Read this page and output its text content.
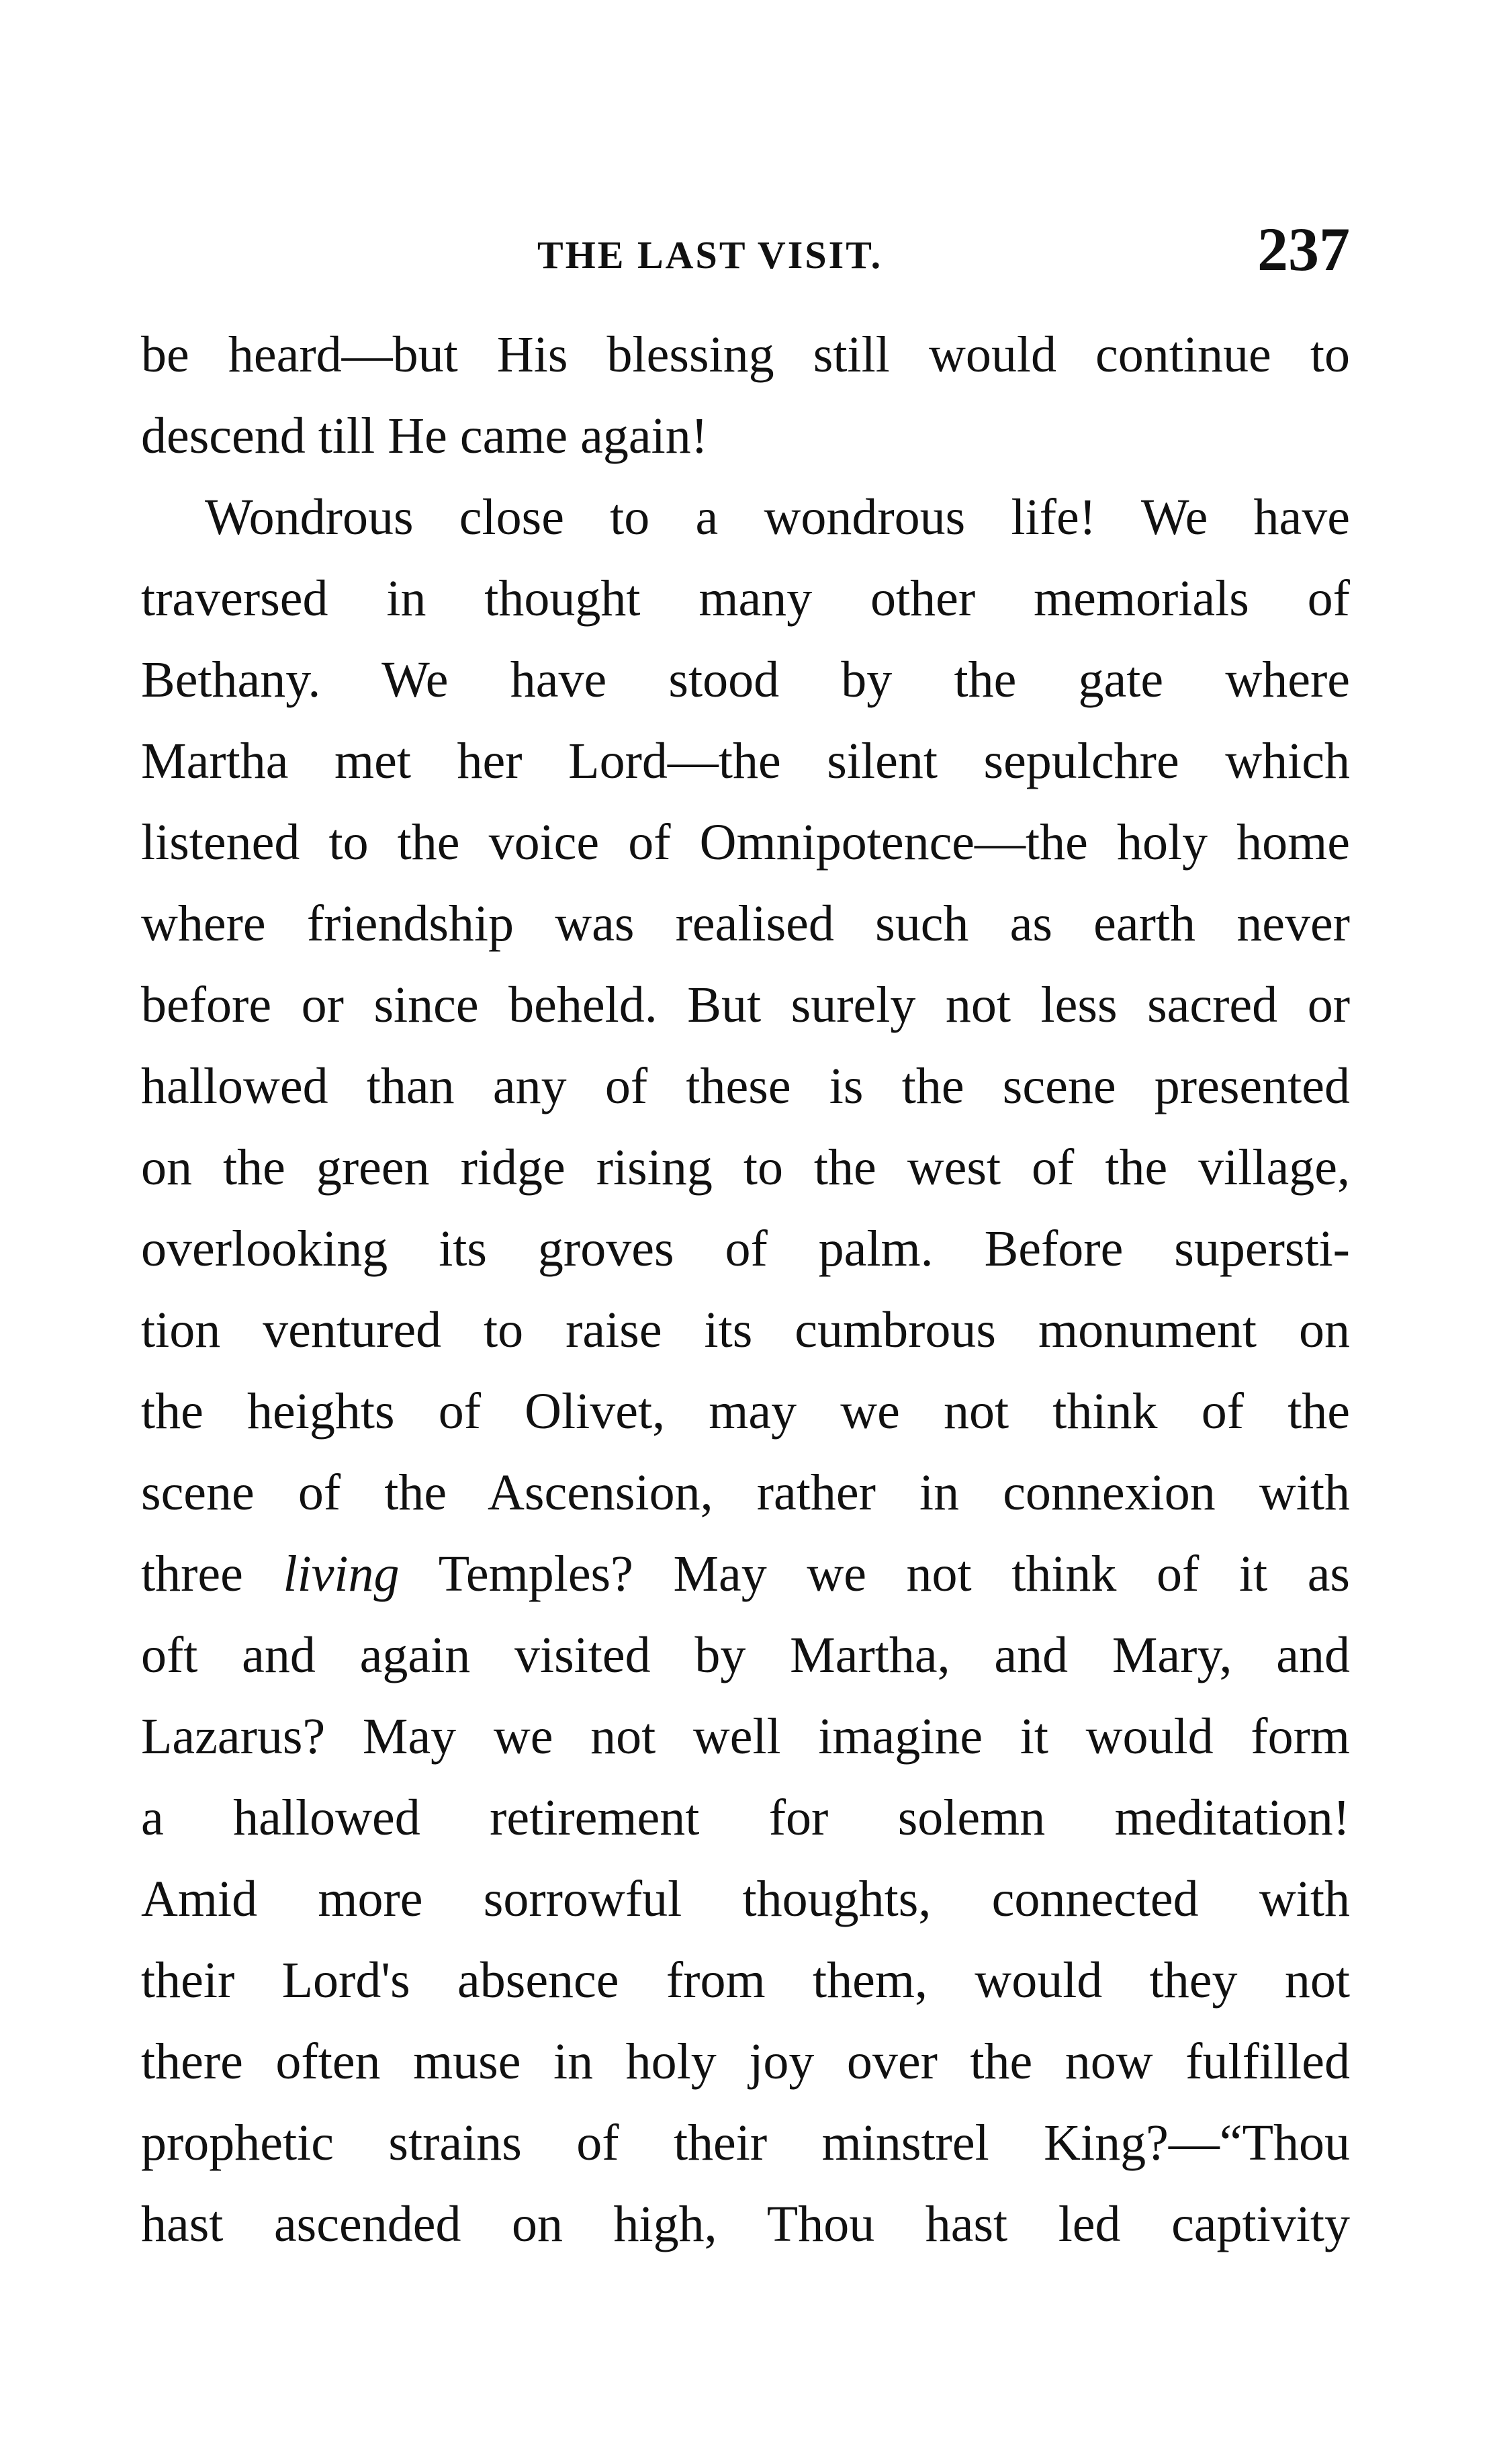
THE LAST VISIT.	237
be heard—but His blessing still would continue to
descend till He came again!
Wondrous close to a wondrous life! We have
traversed in thought many other memorials of
Bethany. We have stood by the gate where
Martha met her Lord—the silent sepulchre which
listened to the voice of Omnipotence—the holy home
where friendship was realised such as earth never
before or since beheld. But surely not less sacred or
hallowed than any of these is the scene presented
on the green ridge rising to the west of the village,
overlooking its groves of palm. Before supersti-
tion ventured to raise its cumbrous monument on
the heights of Olivet, may we not think of the
scene of the Ascension, rather in connexion with
three living Temples? May we not think of it as
oft and again visited by Martha, and Mary, and
Lazarus? May we not well imagine it would form
a hallowed retirement for solemn meditation!
Amid more sorrowful thoughts, connected with
their Lord's absence from them, would they not
there often muse in holy joy over the now fulfilled
prophetic strains of their minstrel King?—“Thou
hast ascended on high, Thou hast led captivity
